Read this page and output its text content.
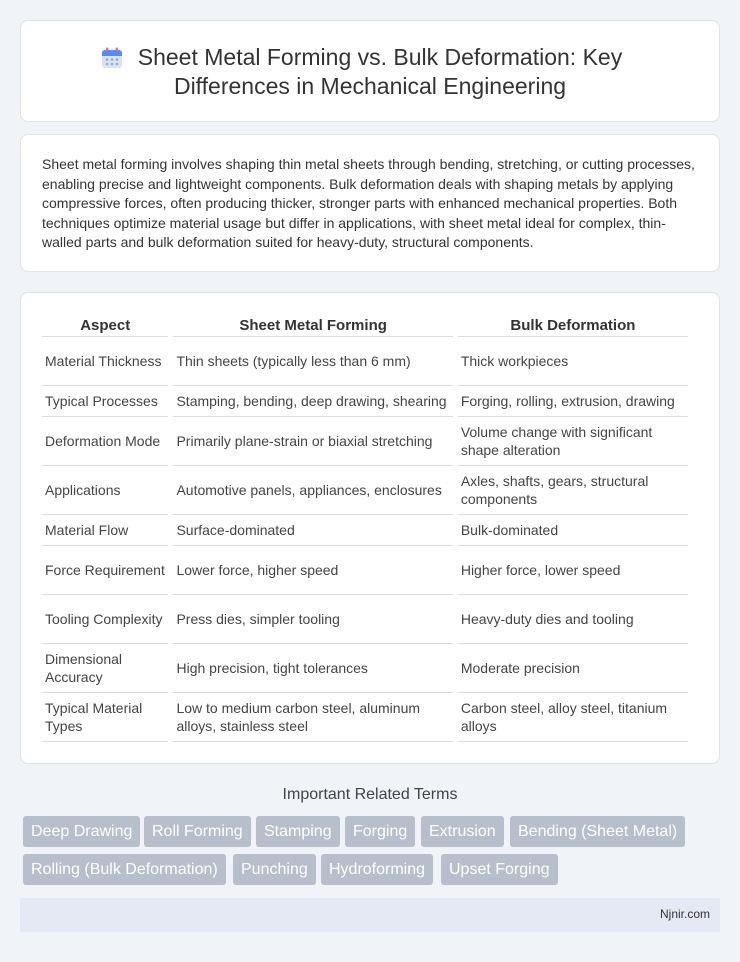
Sheet Metal Forming vs. Bulk Deformation: Key
Differences in Mechanical Engineering

Sheet metal forming involves shaping thin metal sheets through bending, stretching, or cutting processes, enabling precise and lightweight components. Bulk deformation deals with shaping metals by applying compressive forces, often producing thicker, stronger parts with enhanced mechanical properties. Both techniques optimize material usage but differ in applications, with sheet metal ideal for complex, thin-walled parts and bulk deformation suited for heavy-duty, structural components.

Aspect	Sheet Metal Forming	Bulk Deformation
Material Thickness	Thin sheets (typically less than 6 mm)	Thick workpieces
Typical Processes	Stamping, bending, deep drawing, shearing	Forging, rolling, extrusion, drawing
Deformation Mode	Primarily plane-strain or biaxial stretching	Volume change with significant shape alteration
Applications	Automotive panels, appliances, enclosures	Axles, shafts, gears, structural components
Material Flow	Surface-dominated	Bulk-dominated
Force Requirement	Lower force, higher speed	Higher force, lower speed
Tooling Complexity	Press dies, simpler tooling	Heavy-duty dies and tooling
Dimensional Accuracy	High precision, tight tolerances	Moderate precision
Typical Material Types	Low to medium carbon steel, aluminum alloys, stainless steel	Carbon steel, alloy steel, titanium alloys
Important Related Terms
Deep Drawing	Roll Forming	Stamping	Forging	Extrusion	Bending (Sheet Metal)
Rolling (Bulk Deformation)	Punching	Hydroforming	Upset Forging
Njnir.com
